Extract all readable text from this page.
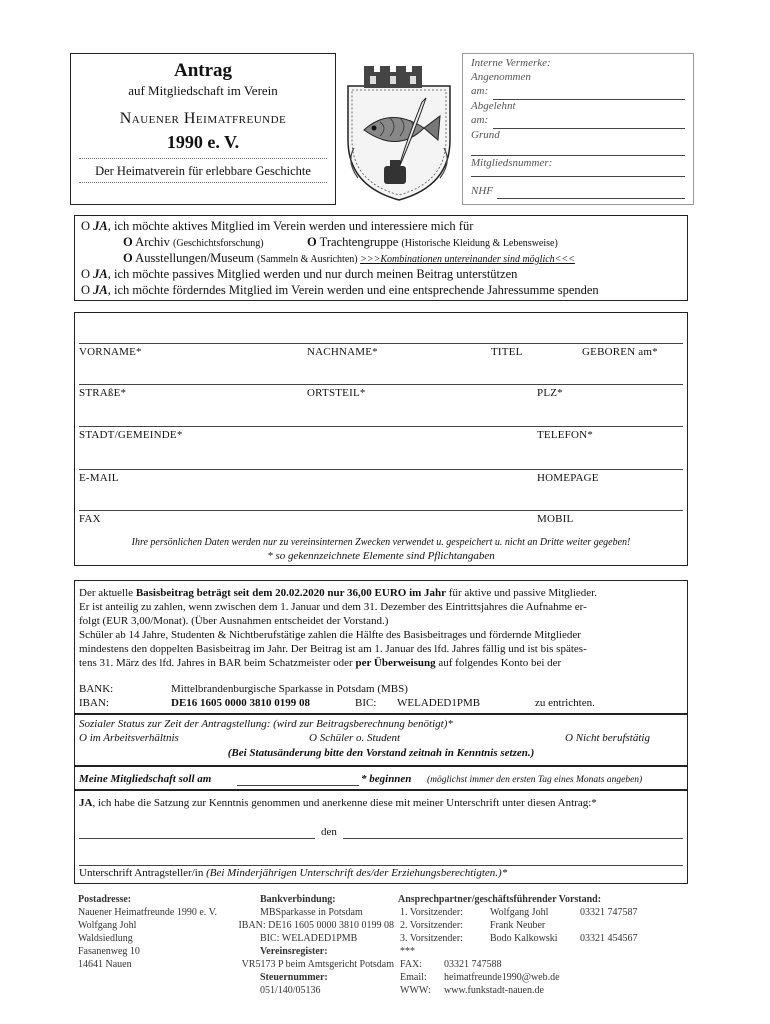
Antrag
auf Mitgliedschaft im Verein
Nauener Heimatfreunde
1990 e. V.
Der Heimatverein für erlebbare Geschichte
Interne Vermerke:
Angenommen
am:
Abgelehnt
am:
Grund
Mitgliedsnummer:
NHF
O JA, ich möchte aktives Mitglied im Verein werden und interessiere mich für
O Archiv (Geschichtsforschung)	O Trachtengruppe (Historische Kleidung & Lebensweise)
O Ausstellungen/Museum (Sammeln & Ausrichten) >>>Kombinationen untereinander sind möglich<<<
O JA, ich möchte passives Mitglied werden und nur durch meinen Beitrag unterstützen
O JA, ich möchte förderndes Mitglied im Verein werden und eine entsprechende Jahressumme spenden
VORNAME*	NACHNAME*	TITEL	GEBOREN am*
STRAßE*	ORTSTEIL*	PLZ*
STADT/GEMEINDE*	TELEFON*
E-MAIL	HOMEPAGE
FAX	MOBIL
Ihre persönlichen Daten werden nur zu vereinsinternen Zwecken verwendet u. gespeichert u. nicht an Dritte weiter gegeben!
* so gekennzeichnete Elemente sind Pflichtangaben
Der aktuelle Basisbeitrag beträgt seit dem 20.02.2020 nur 36,00 EURO im Jahr für aktive und passive Mitglieder.
Er ist anteilig zu zahlen, wenn zwischen dem 1. Januar und dem 31. Dezember des Eintrittsjahres die Aufnahme er-
folgt (EUR 3,00/Monat). (Über Ausnahmen entscheidet der Vorstand.)
Schüler ab 14 Jahre, Studenten & Nichtberufstätige zahlen die Hälfte des Basisbeitrages und fördernde Mitglieder
mindestens den doppelten Basisbeitrag im Jahr. Der Beitrag ist am 1. Januar des lfd. Jahres fällig und ist bis spätes-
tens 31. März des lfd. Jahres in BAR beim Schatzmeister oder per Überweisung auf folgendes Konto bei der
BANK:	Mittelbrandenburgische Sparkasse in Potsdam (MBS)
IBAN:	DE16 1605 0000 3810 0199 08	BIC: WELADED1PMB	zu entrichten.
Sozialer Status zur Zeit der Antragstellung: (wird zur Beitragsberechnung benötigt)*
O im Arbeitsverhältnis	O Schüler o. Student	O Nicht berufstätig
(Bei Statusänderung bitte den Vorstand zeitnah in Kenntnis setzen.)
Meine Mitgliedschaft soll am	* beginnen (möglichst immer den ersten Tag eines Monats angeben)
JA, ich habe die Satzung zur Kenntnis genommen und anerkenne diese mit meiner Unterschrift unter diesen Antrag:*
den
Unterschrift Antragsteller/in (Bei Minderjährigen Unterschrift des/der Erziehungsberechtigten.)*
Postadresse:
Nauener Heimatfreunde 1990 e. V.
Wolfgang Johl
Waldsiedlung
Fasanenweg 10
14641 Nauen
Bankverbindung:
MBSparkasse in Potsdam
IBAN: DE16 1605 0000 3810 0199 08
BIC: WELADED1PMB
Vereinsregister:
VR5173 P beim Amtsgericht Potsdam
Steuernummer:
051/140/05136
Ansprechpartner/geschäftsführender Vorstand:
1. Vorsitzender:	Wolfgang Johl	03321 747587
2. Vorsitzender:	Frank Neuber
3. Vorsitzender:	Bodo Kalkowski 03321 454567
***
FAX: 03321 747588
Email: heimatfreunde1990@web.de
WWW: www.funkstadt-nauen.de
